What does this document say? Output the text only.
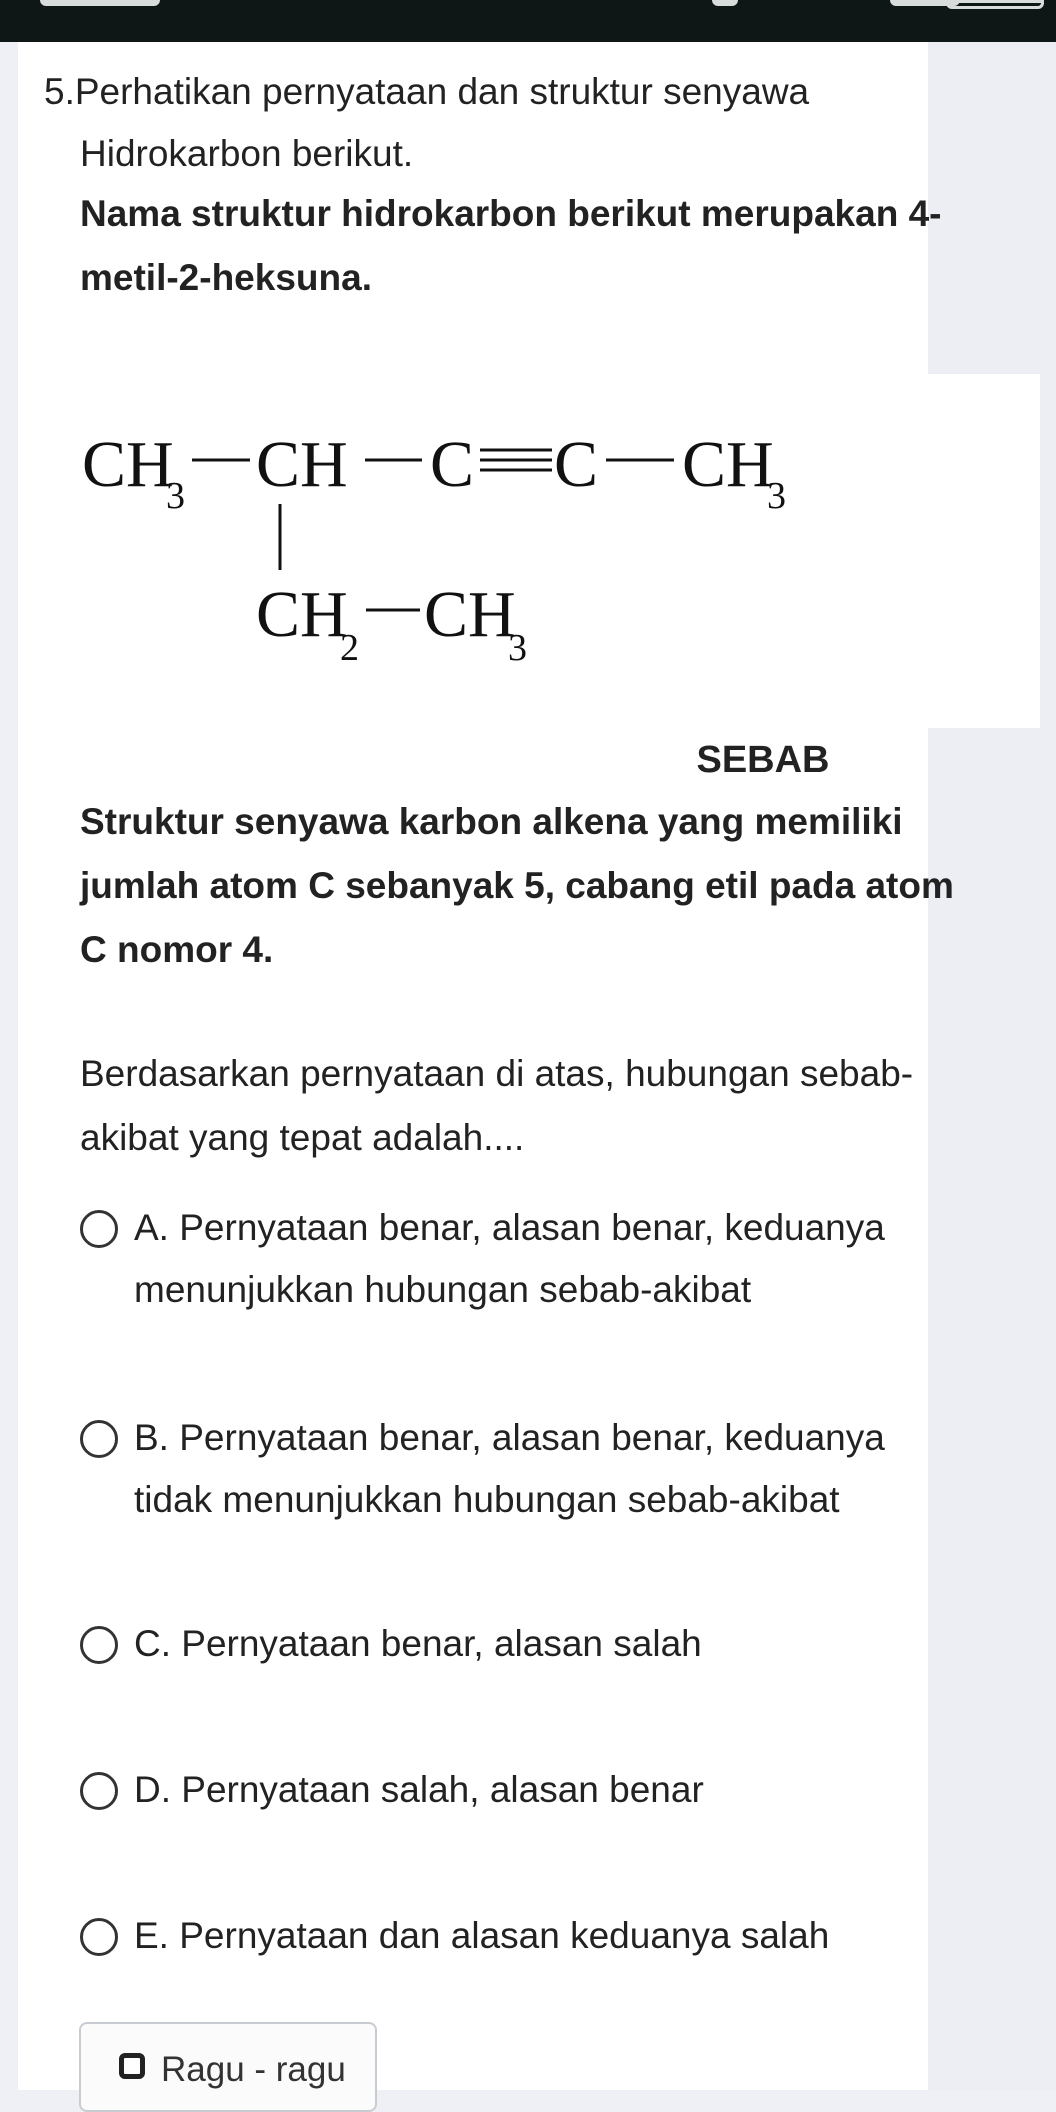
5.Perhatikan pernyataan dan struktur senyawa
Hidrokarbon berikut.
Nama struktur hidrokarbon berikut merupakan 4-
metil-2-heksuna.
CH
3 CH C C CH
3
CH
2 CH
3
SEBAB
Struktur senyawa karbon alkena yang memiliki
jumlah atom C sebanyak 5, cabang etil pada atom
C nomor 4.
Berdasarkan pernyataan di atas, hubungan sebab-
akibat yang tepat adalah....
A. Pernyataan benar, alasan benar, keduanya
menunjukkan hubungan sebab-akibat
B. Pernyataan benar, alasan benar, keduanya
tidak menunjukkan hubungan sebab-akibat
C. Pernyataan benar, alasan salah
D. Pernyataan salah, alasan benar
E. Pernyataan dan alasan keduanya salah
Ragu - ragu
